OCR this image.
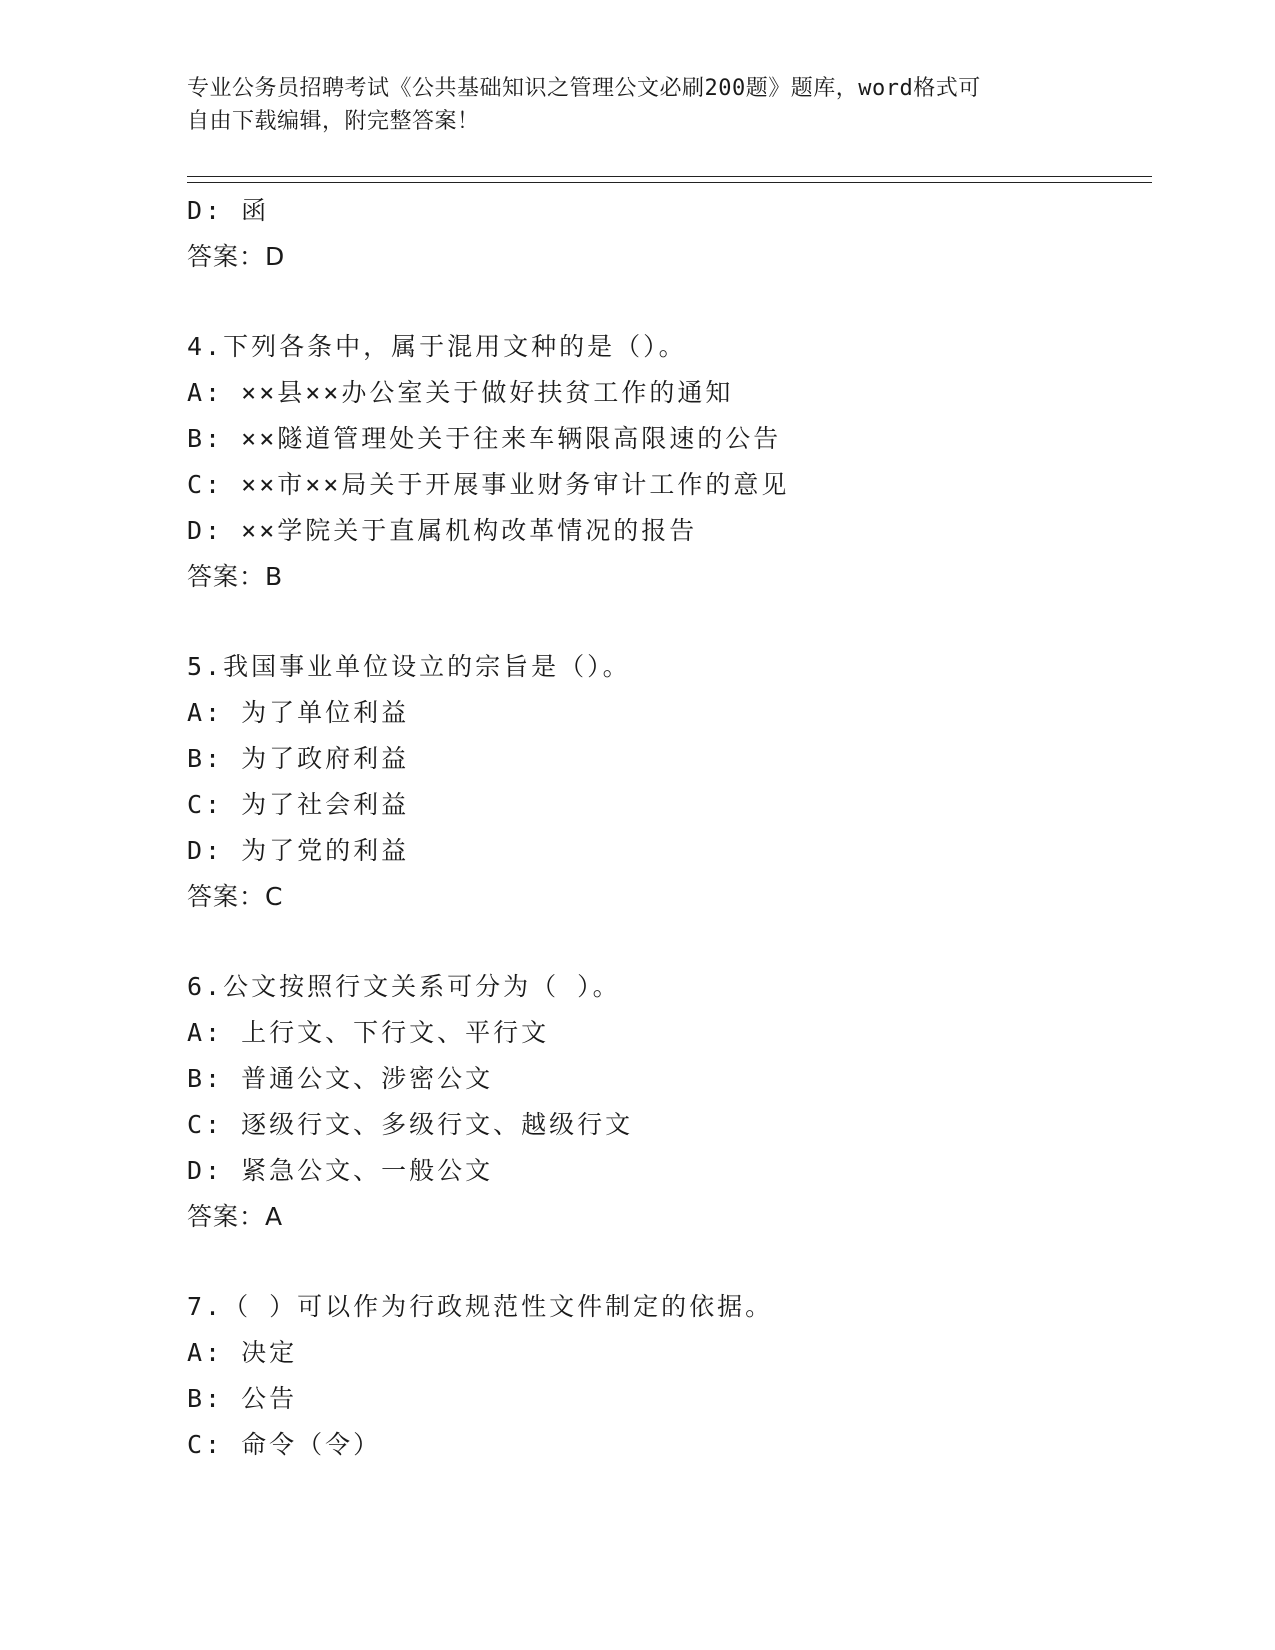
专业公务员招聘考试《公共基础知识之管理公文必刷200题》题库，word格式可
自由下载编辑，附完整答案！
D: 函
答案：D
4.下列各条中，属于混用文种的是（）。
A: ××县××办公室关于做好扶贫工作的通知
B: ××隧道管理处关于往来车辆限高限速的公告
C: ××市××局关于开展事业财务审计工作的意见
D: ××学院关于直属机构改革情况的报告
答案：B
5.我国事业单位设立的宗旨是（）。
A: 为了单位利益
B: 为了政府利益
C: 为了社会利益
D: 为了党的利益
答案：C
6.公文按照行文关系可分为（ ）。
A: 上行文、下行文、平行文
B: 普通公文、涉密公文
C: 逐级行文、多级行文、越级行文
D: 紧急公文、一般公文
答案：A
7.（ ）可以作为行政规范性文件制定的依据。
A: 决定
B: 公告
C: 命令（令）
